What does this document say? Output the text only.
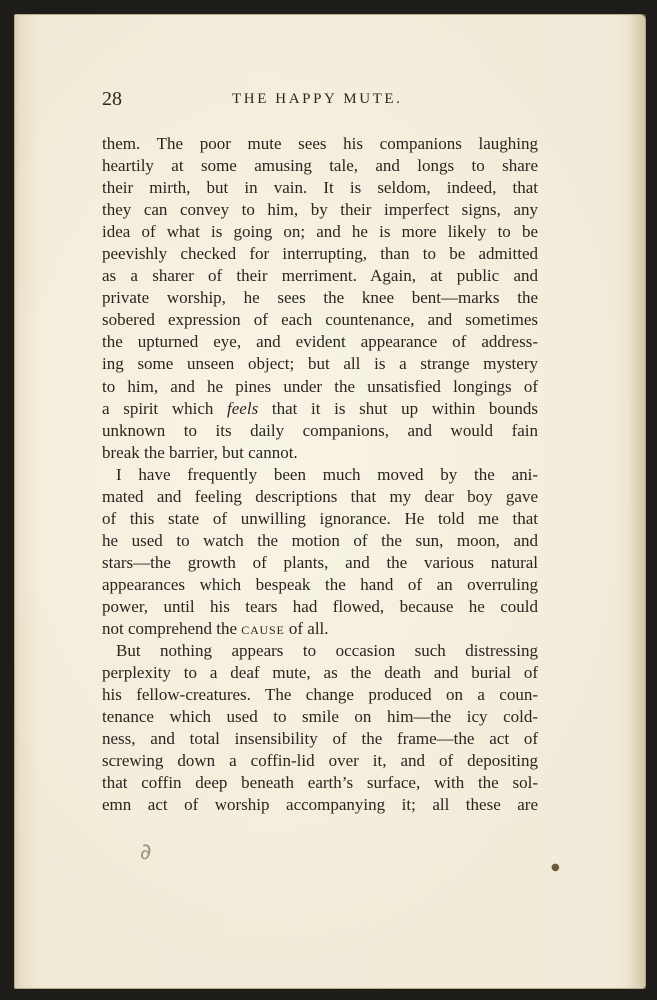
28	THE HAPPY MUTE.
them. The poor mute sees his companions laughing
heartily at some amusing tale, and longs to share
their mirth, but in vain. It is seldom, indeed, that
they can convey to him, by their imperfect signs, any
idea of what is going on; and he is more likely to be
peevishly checked for interrupting, than to be admitted
as a sharer of their merriment. Again, at public and
private worship, he sees the knee bent—marks the
sobered expression of each countenance, and sometimes
the upturned eye, and evident appearance of address-
ing some unseen object; but all is a strange mystery
to him, and he pines under the unsatisfied longings of
a spirit which feels that it is shut up within bounds
unknown to its daily companions, and would fain
break the barrier, but cannot.
I have frequently been much moved by the ani-
mated and feeling descriptions that my dear boy gave
of this state of unwilling ignorance. He told me that
he used to watch the motion of the sun, moon, and
stars—the growth of plants, and the various natural
appearances which bespeak the hand of an overruling
power, until his tears had flowed, because he could
not comprehend the cause of all.
But nothing appears to occasion such distressing
perplexity to a deaf mute, as the death and burial of
his fellow-creatures. The change produced on a coun-
tenance which used to smile on him—the icy cold-
ness, and total insensibility of the frame—the act of
screwing down a coffin-lid over it, and of depositing
that coffin deep beneath earth’s surface, with the sol-
emn act of worship accompanying it; all these are
∂
●
